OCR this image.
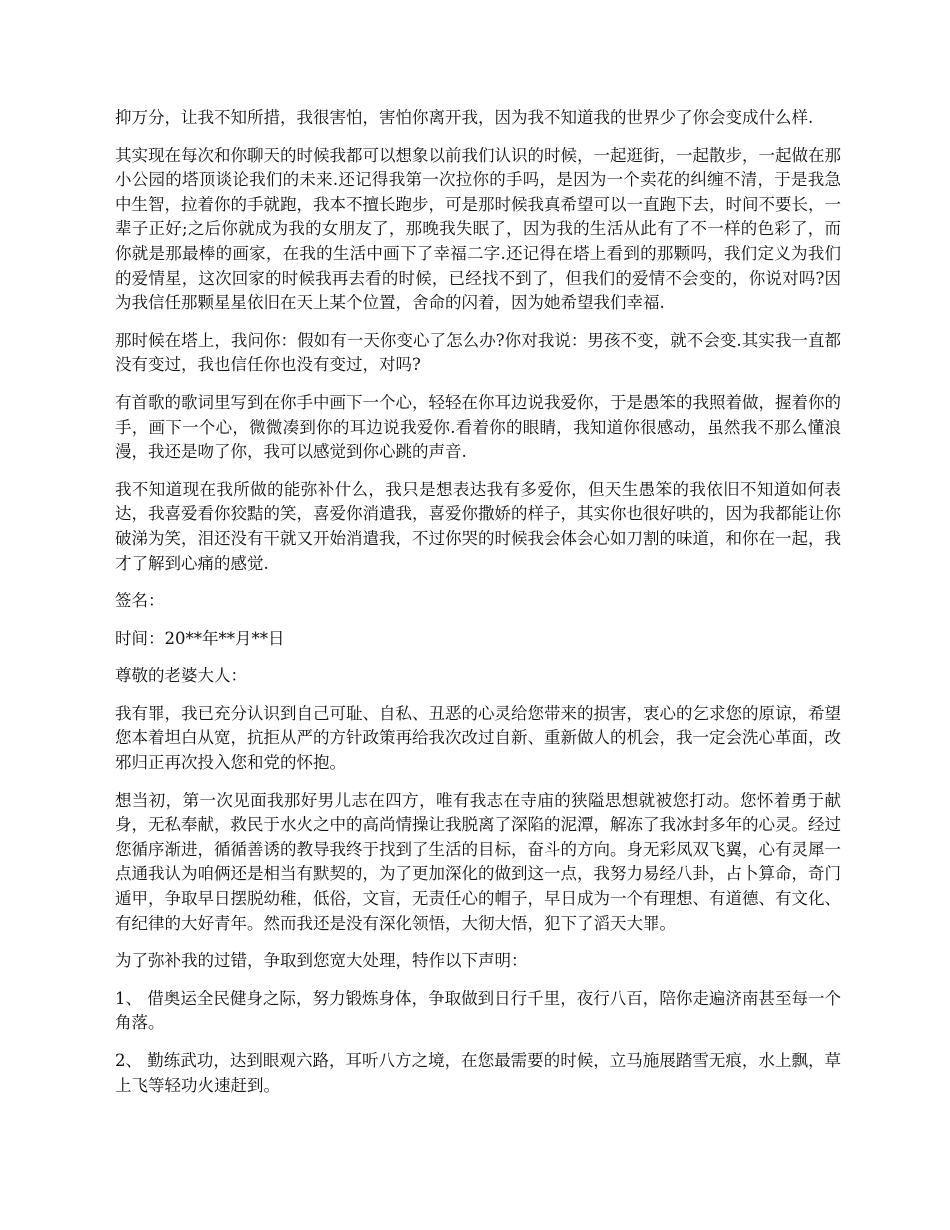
抑万分，让我不知所措，我很害怕，害怕你离开我，因为我不知道我的世界少了你会变成什么样.

其实现在每次和你聊天的时候我都可以想象以前我们认识的时候，一起逛街，一起散步，一起做在那小公园的塔顶谈论我们的未来.还记得我第一次拉你的手吗，是因为一个卖花的纠缠不清，于是我急中生智，拉着你的手就跑，我本不擅长跑步，可是那时候我真希望可以一直跑下去，时间不要长，一辈子正好;之后你就成为我的女朋友了，那晚我失眠了，因为我的生活从此有了不一样的色彩了，而你就是那最棒的画家，在我的生活中画下了幸福二字.还记得在塔上看到的那颗吗，我们定义为我们的爱情星，这次回家的时候我再去看的时候，已经找不到了，但我们的爱情不会变的，你说对吗?因为我信任那颗星星依旧在天上某个位置，舍命的闪着，因为她希望我们幸福.

那时候在塔上，我问你：假如有一天你变心了怎么办?你对我说：男孩不变，就不会变.其实我一直都没有变过，我也信任你也没有变过，对吗?

有首歌的歌词里写到在你手中画下一个心，轻轻在你耳边说我爱你，于是愚笨的我照着做，握着你的手，画下一个心，微微凑到你的耳边说我爱你.看着你的眼睛，我知道你很感动，虽然我不那么懂浪漫，我还是吻了你，我可以感觉到你心跳的声音.

我不知道现在我所做的能弥补什么，我只是想表达我有多爱你，但天生愚笨的我依旧不知道如何表达，我喜爱看你狡黠的笑，喜爱你消遣我，喜爱你撒娇的样子，其实你也很好哄的，因为我都能让你破涕为笑，泪还没有干就又开始消遣我，不过你哭的时候我会体会心如刀割的味道，和你在一起，我才了解到心痛的感觉.

签名：

时间：20**年**月**日

尊敬的老婆大人：

我有罪，我已充分认识到自己可耻、自私、丑恶的心灵给您带来的损害，衷心的乞求您的原谅，希望您本着坦白从宽，抗拒从严的方针政策再给我次改过自新、重新做人的机会，我一定会洗心革面，改邪归正再次投入您和党的怀抱。

想当初，第一次见面我那好男儿志在四方，唯有我志在寺庙的狭隘思想就被您打动。您怀着勇于献身，无私奉献，救民于水火之中的高尚情操让我脱离了深陷的泥潭，解冻了我冰封多年的心灵。经过您循序渐进，循循善诱的教导我终于找到了生活的目标，奋斗的方向。身无彩凤双飞翼，心有灵犀一点通我认为咱俩还是相当有默契的，为了更加深化的做到这一点，我努力易经八卦，占卜算命，奇门遁甲，争取早日摆脱幼稚，低俗，文盲，无责任心的帽子，早日成为一个有理想、有道德、有文化、有纪律的大好青年。然而我还是没有深化领悟，大彻大悟，犯下了滔天大罪。

为了弥补我的过错，争取到您宽大处理，特作以下声明：

1、 借奥运全民健身之际，努力锻炼身体，争取做到日行千里，夜行八百，陪你走遍济南甚至每一个角落。

2、 勤练武功，达到眼观六路，耳听八方之境，在您最需要的时候，立马施展踏雪无痕，水上飘，草上飞等轻功火速赶到。
